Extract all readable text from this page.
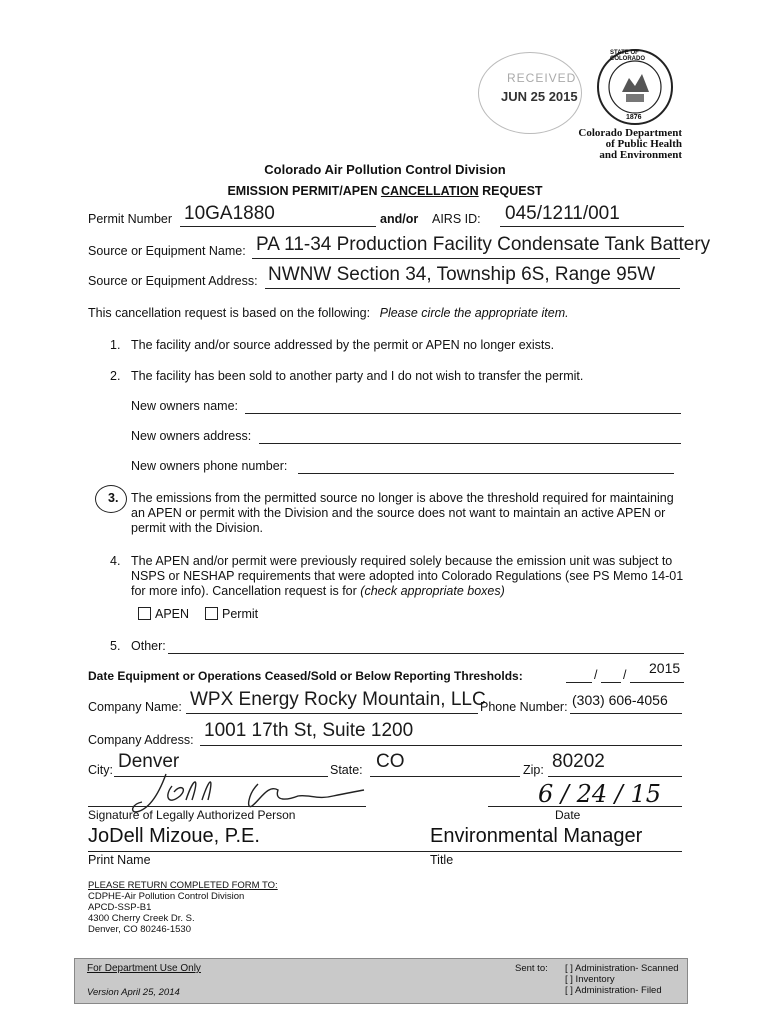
RECEIVED
JUN 25 2015
STATE OF COLORADO
1876
Colorado Department
of Public Health
and Environment
Colorado Air Pollution Control Division
EMISSION PERMIT/APEN CANCELLATION REQUEST
Permit Number 10GA1880	and/or AIRS ID: 045/1211/001
Source or Equipment Name: PA 11-34 Production Facility Condensate Tank Battery
Source or Equipment Address: NWNW Section 34, Township 6S, Range 95W
This cancellation request is based on the following: Please circle the appropriate item.
1. The facility and/or source addressed by the permit or APEN no longer exists.
2. The facility has been sold to another party and I do not wish to transfer the permit.
New owners name:
New owners address:
New owners phone number:
3. The emissions from the permitted source no longer is above the threshold required for maintaining an APEN or permit with the Division and the source does not want to maintain an active APEN or permit with the Division.
4. The APEN and/or permit were previously required solely because the emission unit was subject to NSPS or NESHAP requirements that were adopted into Colorado Regulations (see PS Memo 14-01 for more info). Cancellation request is for (check appropriate boxes)
APEN	Permit
5. Other:
Date Equipment or Operations Ceased/Sold or Below Reporting Thresholds:	/ / 2015
Company Name: WPX Energy Rocky Mountain, LLC
Phone Number: (303) 606-4056
Company Address: 1001 17th St, Suite 1200
City: Denver	State: CO	Zip: 80202
Signature of Legally Authorized Person
6 / 24 / 15
Date
JoDell Mizoue, P.E.
Print Name
Environmental Manager
Title
PLEASE RETURN COMPLETED FORM TO:
CDPHE-Air Pollution Control Division
APCD-SSP-B1
4300 Cherry Creek Dr. S.
Denver, CO 80246-1530
For Department Use Only
Version April 25, 2014
Sent to: [ ] Administration- Scanned
[ ] Inventory
[ ] Administration- Filed
